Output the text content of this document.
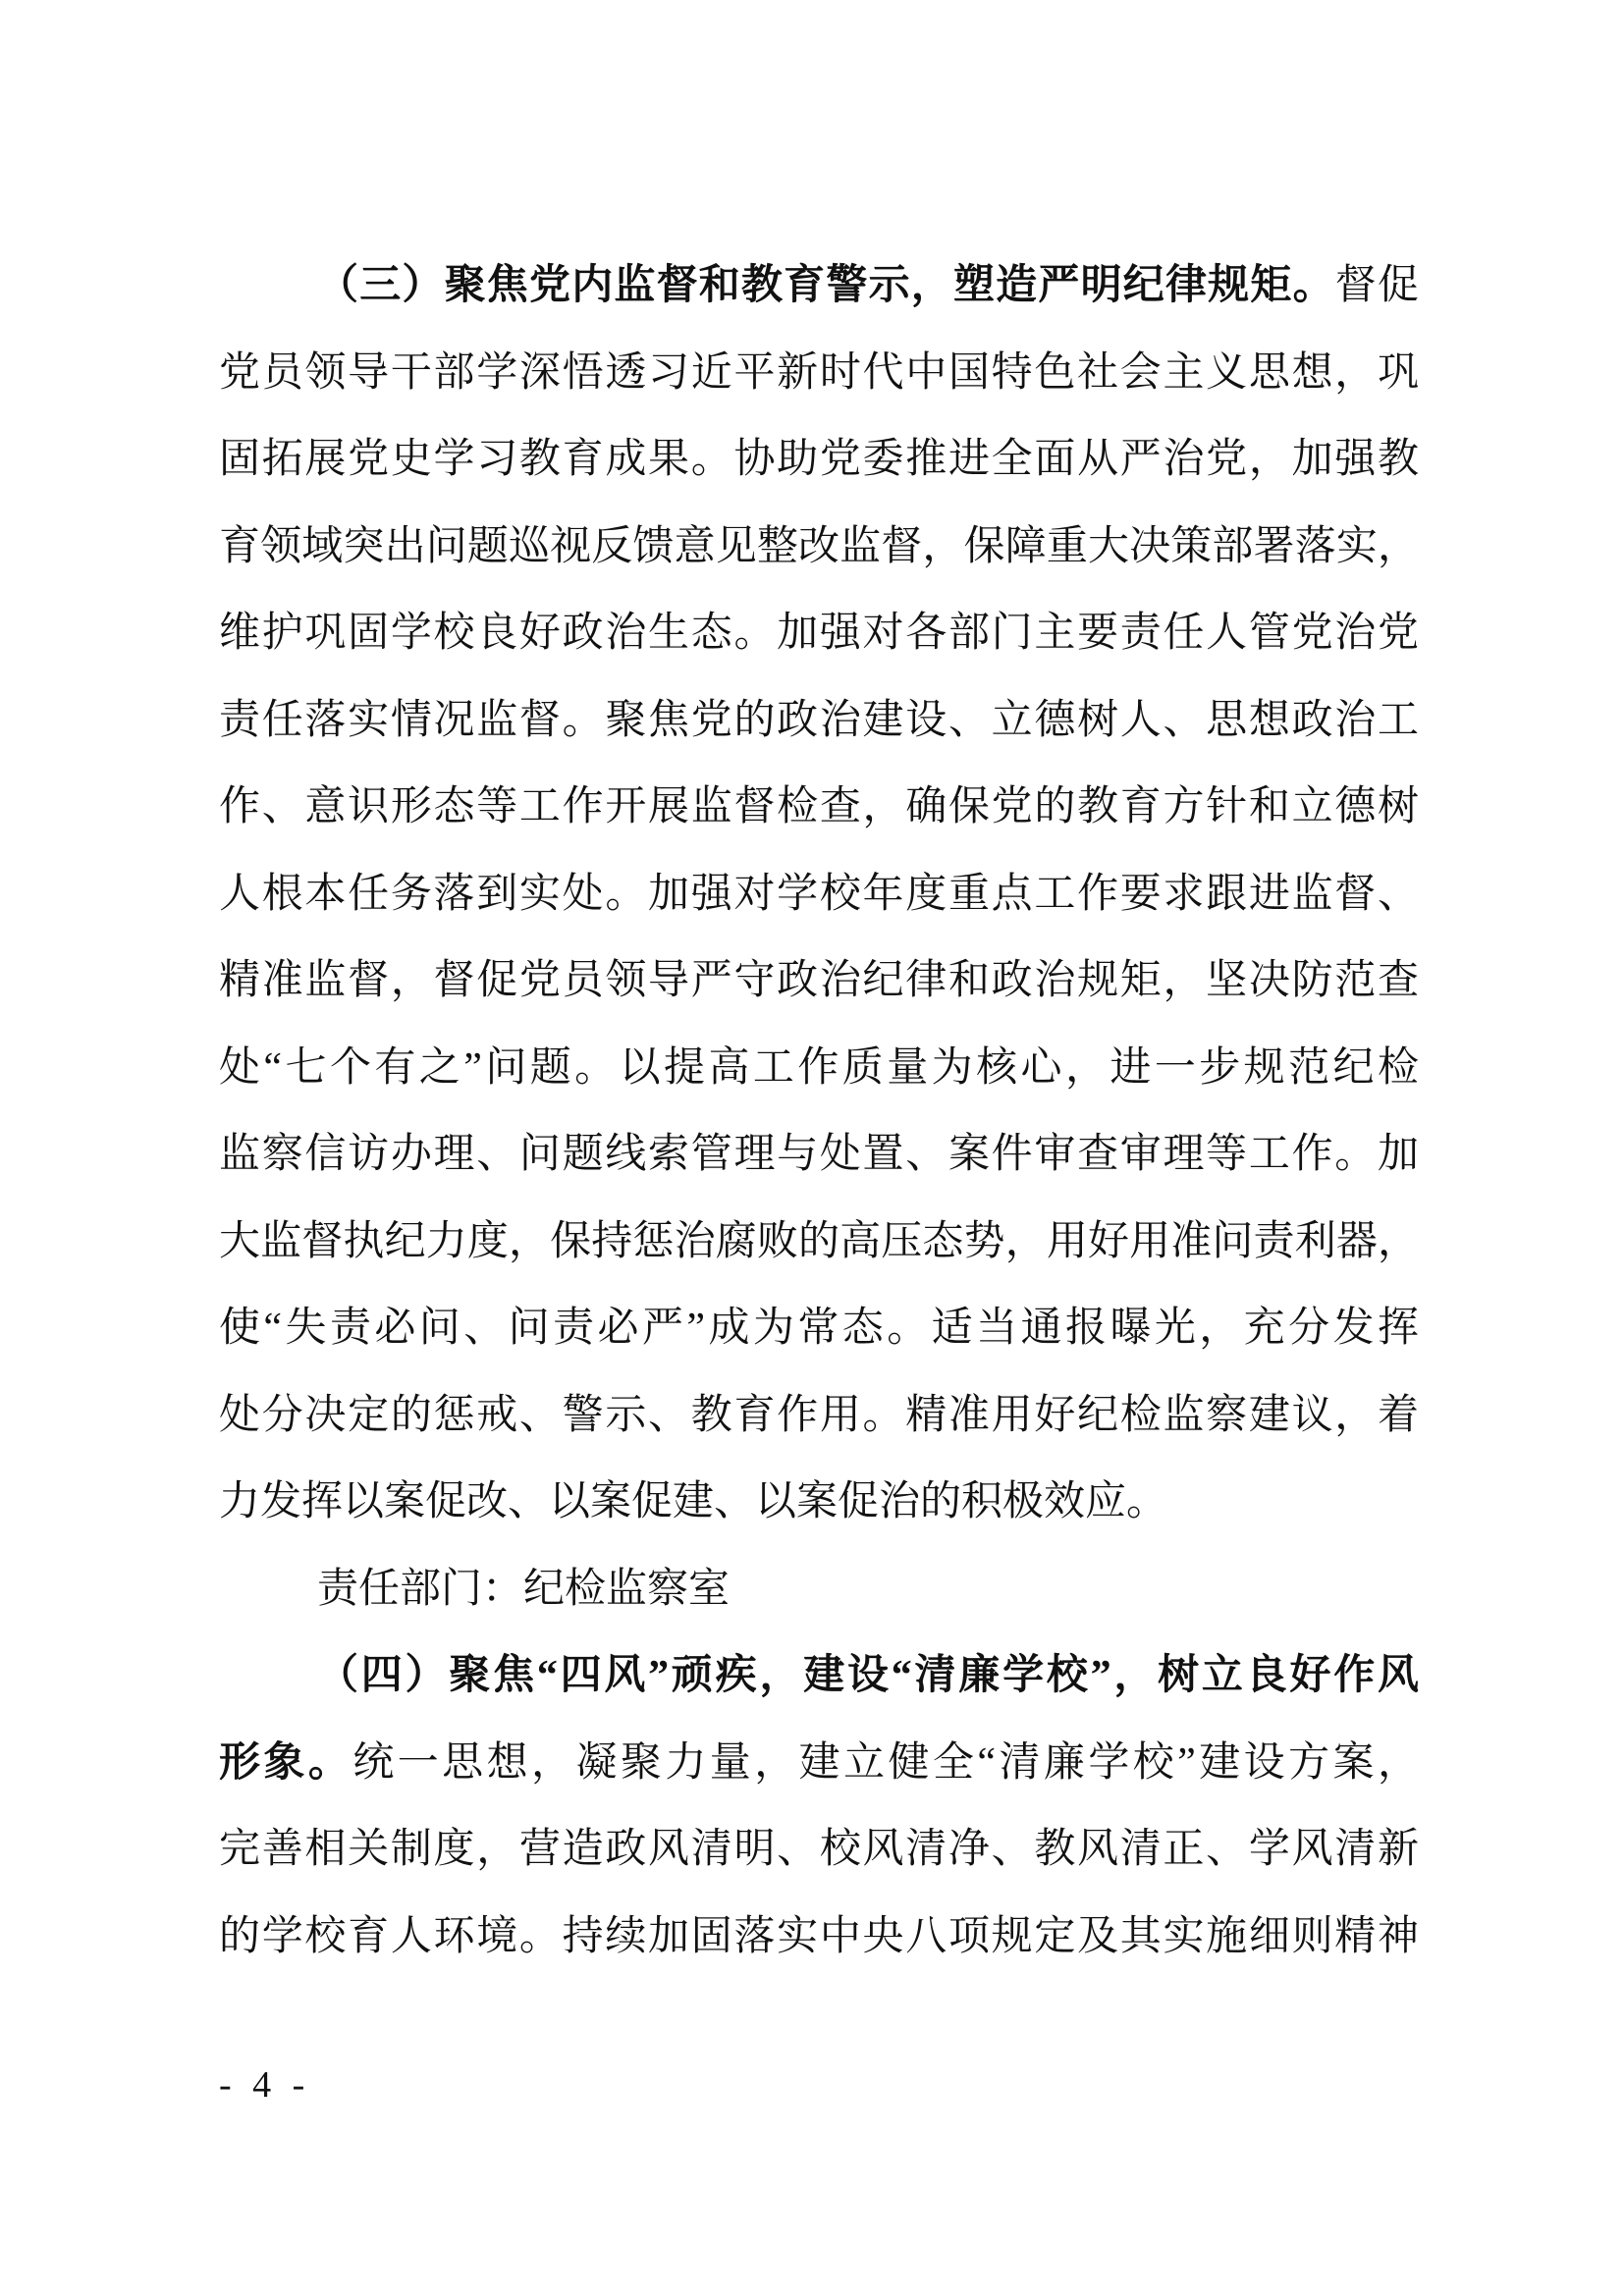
（三）聚焦党内监督和教育警示，塑造严明纪律规矩。督促
党员领导干部学深悟透习近平新时代中国特色社会主义思想，巩
固拓展党史学习教育成果。协助党委推进全面从严治党，加强教
育领域突出问题巡视反馈意见整改监督，保障重大决策部署落实，
维护巩固学校良好政治生态。加强对各部门主要责任人管党治党
责任落实情况监督。聚焦党的政治建设、立德树人、思想政治工
作、意识形态等工作开展监督检查，确保党的教育方针和立德树
人根本任务落到实处。加强对学校年度重点工作要求跟进监督、
精准监督，督促党员领导严守政治纪律和政治规矩，坚决防范查
处“七个有之”问题。以提高工作质量为核心，进一步规范纪检
监察信访办理、问题线索管理与处置、案件审查审理等工作。加
大监督执纪力度，保持惩治腐败的高压态势，用好用准问责利器，
使“失责必问、问责必严”成为常态。适当通报曝光，充分发挥
处分决定的惩戒、警示、教育作用。精准用好纪检监察建议，着
力发挥以案促改、以案促建、以案促治的积极效应。
责任部门：纪检监察室
（四）聚焦“四风”顽疾，建设“清廉学校”，树立良好作风
形象。统一思想，凝聚力量，建立健全“清廉学校”建设方案，
完善相关制度，营造政风清明、校风清净、教风清正、学风清新
的学校育人环境。持续加固落实中央八项规定及其实施细则精神
- 4 -
